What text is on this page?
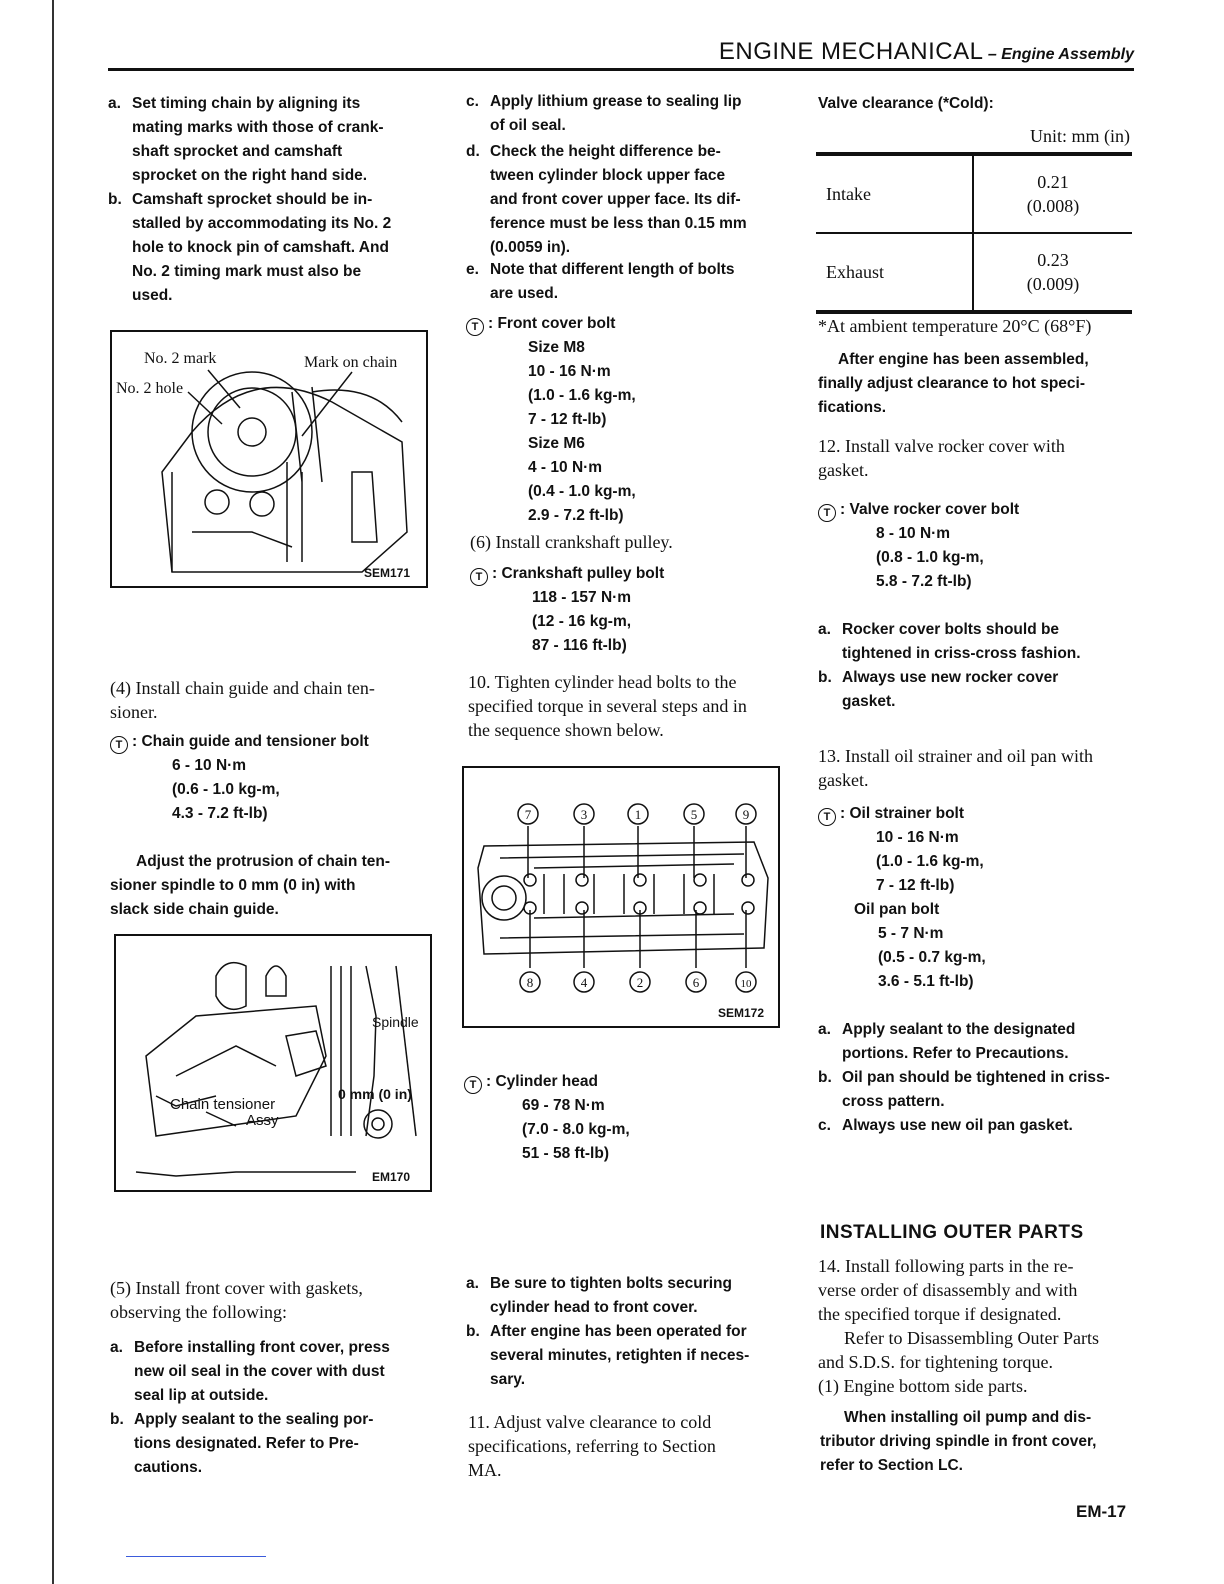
ENGINE MECHANICAL – Engine Assembly
a. Set timing chain by aligning its
mating marks with those of crank-
shaft sprocket and camshaft
sprocket on the right hand side.
b. Camshaft sprocket should be in-
stalled by accommodating its No. 2
hole to knock pin of camshaft. And
No. 2 timing mark must also be
used.
No. 2 mark
No. 2 hole
Mark on chain
SEM171
(4) Install chain guide and chain ten-
sioner.
T : Chain guide and tensioner bolt
6 - 10 N·m
(0.6 - 1.0 kg-m,
4.3 - 7.2 ft-lb)
Adjust the protrusion of chain ten-
sioner spindle to 0 mm (0 in) with
slack side chain guide.
Spindle
0 mm (0 in)
Chain tensioner
Assy
EM170
(5) Install front cover with gaskets,
observing the following:
a. Before installing front cover, press
new oil seal in the cover with dust
seal lip at outside.
b. Apply sealant to the sealing por-
tions designated. Refer to Pre-
cautions.
c. Apply lithium grease to sealing lip
of oil seal.
d. Check the height difference be-
tween cylinder block upper face
and front cover upper face. Its dif-
ference must be less than 0.15 mm
(0.0059 in).
e. Note that different length of bolts
are used.
T : Front cover bolt
Size M8
10 - 16 N·m
(1.0 - 1.6 kg-m,
7 - 12 ft-lb)
Size M6
4 - 10 N·m
(0.4 - 1.0 kg-m,
2.9 - 7.2 ft-lb)
(6) Install crankshaft pulley.
T : Crankshaft pulley bolt
118 - 157 N·m
(12 - 16 kg-m,
87 - 116 ft-lb)
10. Tighten cylinder head bolts to the
specified torque in several steps and in
the sequence shown below.
7	3	1	5	9
8	4	2	6	10
SEM172
T : Cylinder head
69 - 78 N·m
(7.0 - 8.0 kg-m,
51 - 58 ft-lb)
a. Be sure to tighten bolts securing
cylinder head to front cover.
b. After engine has been operated for
several minutes, retighten if neces-
sary.
11. Adjust valve clearance to cold
specifications, referring to Section
MA.
Valve clearance (*Cold):
Unit: mm (in)
Intake	0.21
(0.008)

Exhaust	0.23
(0.009)
*At ambient temperature 20°C (68°F)
After engine has been assembled,
finally adjust clearance to hot speci-
fications.
12. Install valve rocker cover with
gasket.
T : Valve rocker cover bolt
8 - 10 N·m
(0.8 - 1.0 kg-m,
5.8 - 7.2 ft-lb)
a. Rocker cover bolts should be
tightened in criss-cross fashion.
b. Always use new rocker cover
gasket.
13. Install oil strainer and oil pan with
gasket.
T : Oil strainer bolt
10 - 16 N·m
(1.0 - 1.6 kg-m,
7 - 12 ft-lb)
Oil pan bolt
5 - 7 N·m
(0.5 - 0.7 kg-m,
3.6 - 5.1 ft-lb)
a. Apply sealant to the designated
portions. Refer to Precautions.
b. Oil pan should be tightened in criss-
cross pattern.
c. Always use new oil pan gasket.
INSTALLING OUTER PARTS
14. Install following parts in the re-
verse order of disassembly and with
the specified torque if designated.
Refer to Disassembling Outer Parts
and S.D.S. for tightening torque.
(1) Engine bottom side parts.
When installing oil pump and dis-
tributor driving spindle in front cover,
refer to Section LC.
EM-17
